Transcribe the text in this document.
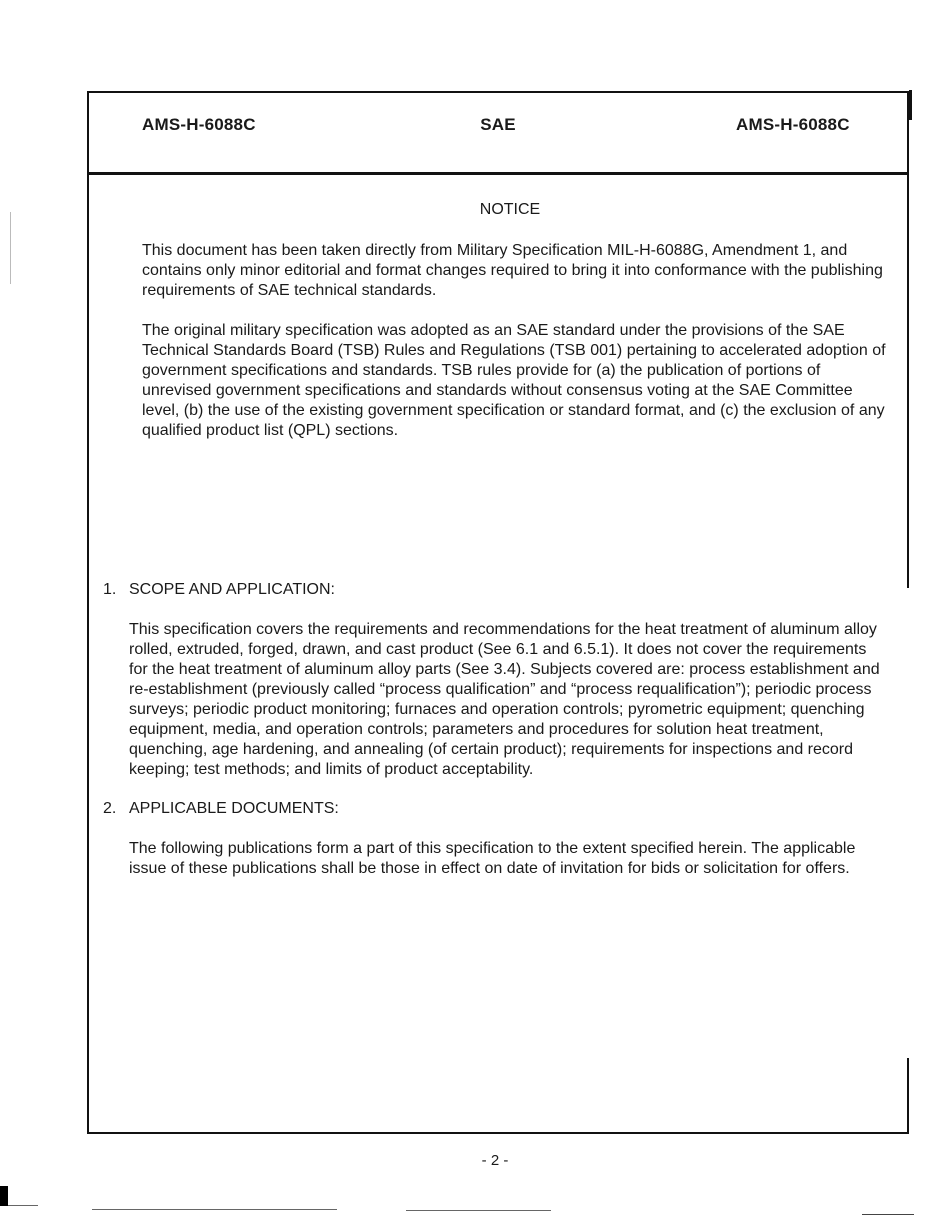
AMS-H-6088C	SAE	AMS-H-6088C
NOTICE

This document has been taken directly from Military Specification MIL-H-6088G, Amendment 1, and contains only minor editorial and format changes required to bring it into conformance with the publishing requirements of SAE technical standards.

The original military specification was adopted as an SAE standard under the provisions of the SAE Technical Standards Board (TSB) Rules and Regulations (TSB 001) pertaining to accelerated adoption of government specifications and standards. TSB rules provide for (a) the publication of portions of unrevised government specifications and standards without consensus voting at the SAE Committee level, (b) the use of the existing government specification or standard format, and (c) the exclusion of any qualified product list (QPL) sections.

1. SCOPE AND APPLICATION:

This specification covers the requirements and recommendations for the heat treatment of aluminum alloy rolled, extruded, forged, drawn, and cast product (See 6.1 and 6.5.1). It does not cover the requirements for the heat treatment of aluminum alloy parts (See 3.4). Subjects covered are: process establishment and re-establishment (previously called “process qualification” and “process requalification”); periodic process surveys; periodic product monitoring; furnaces and operation controls; pyrometric equipment; quenching equipment, media, and operation controls; parameters and procedures for solution heat treatment, quenching, age hardening, and annealing (of certain product); requirements for inspections and record keeping; test methods; and limits of product acceptability.

2. APPLICABLE DOCUMENTS:

The following publications form a part of this specification to the extent specified herein. The applicable issue of these publications shall be those in effect on date of invitation for bids or solicitation for offers.

- 2 -
